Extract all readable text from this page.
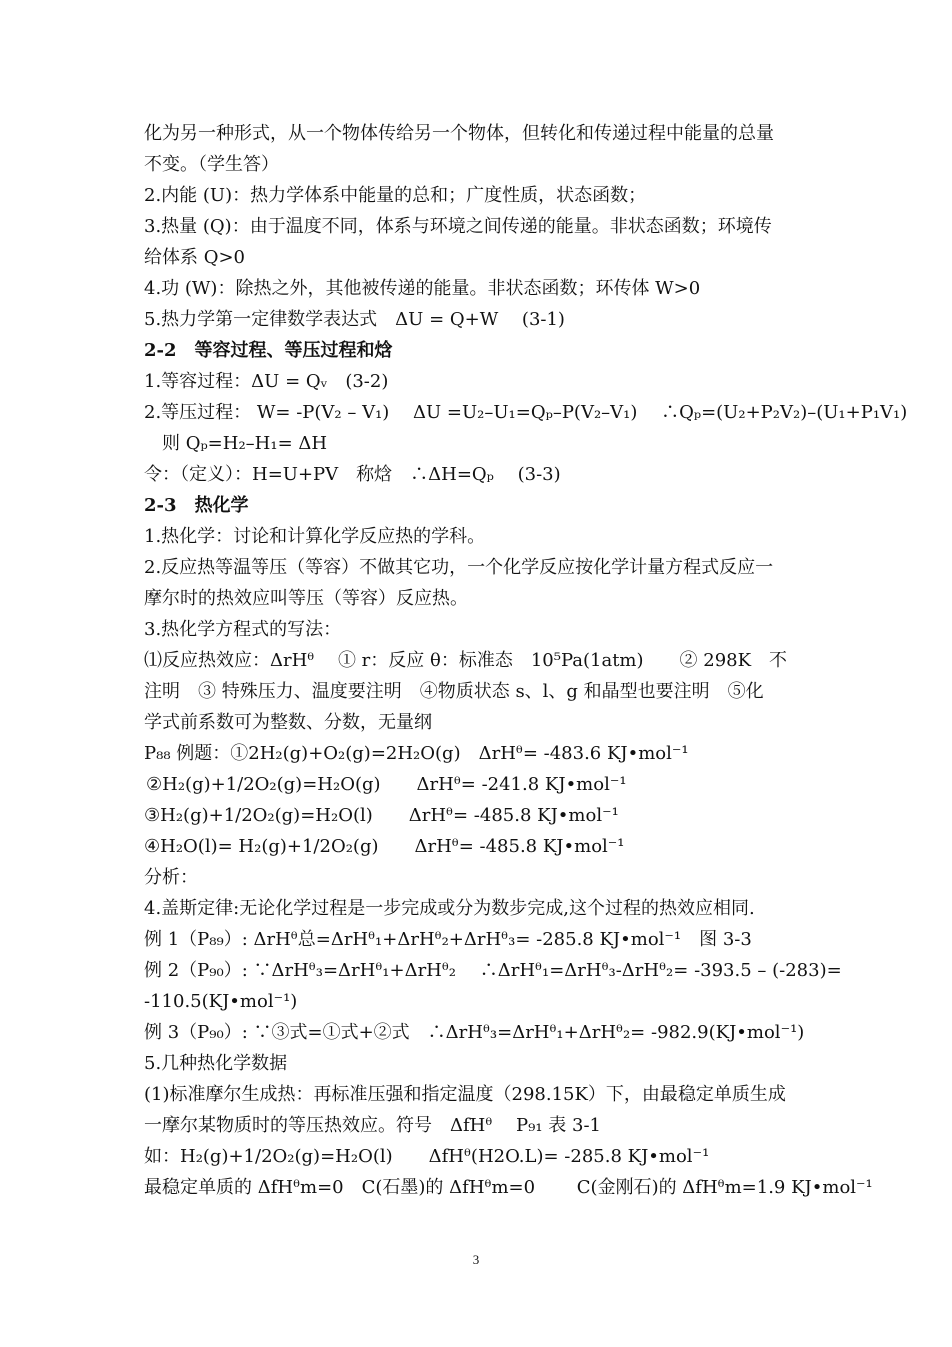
化为另一种形式，从一个物体传给另一个物体，但转化和传递过程中能量的总量
不变。（学生答）
2.内能 (U)：热力学体系中能量的总和；广度性质，状态函数；
3.热量 (Q)：由于温度不同，体系与环境之间传递的能量。非状态函数；环境传
给体系 Q>0
4.功 (W)：除热之外，其他被传递的能量。非状态函数；环传体 W>0
5.热力学第一定律数学表达式　ΔU = Q+W　 (3-1)
2-2　等容过程、等压过程和焓
1.等容过程：ΔU = Qᵥ　(3-2)
2.等压过程： W= -P(V₂ – V₁)　 ΔU =U₂–U₁=Qₚ–P(V₂–V₁)　 ∴Qₚ=(U₂+P₂V₂)–(U₁+P₁V₁)
则 Qₚ=H₂–H₁= ΔH
令：（定义）：H=U+PV　称焓　∴ΔH=Qₚ　 (3-3)
2-3　热化学
1.热化学：讨论和计算化学反应热的学科。
2.反应热等温等压（等容）不做其它功，一个化学反应按化学计量方程式反应一
摩尔时的热效应叫等压（等容）反应热。
3.热化学方程式的写法：
⑴反应热效应：ΔrHᶿ　 ① r：反应 θ：标准态　10⁵Pa(1atm)　　② 298K　不
注明　③ 特殊压力、温度要注明　④物质状态 s、l、g 和晶型也要注明　⑤化
学式前系数可为整数、分数，无量纲
P₈₈ 例题：①2H₂(g)+O₂(g)=2H₂O(g)　ΔrHᶿ= -483.6 KJ•mol⁻¹
②H₂(g)+1/2O₂(g)=H₂O(g)　　ΔrHᶿ= -241.8 KJ•mol⁻¹
③H₂(g)+1/2O₂(g)=H₂O(l)　　ΔrHᶿ= -485.8 KJ•mol⁻¹
④H₂O(l)= H₂(g)+1/2O₂(g)　　ΔrHᶿ= -485.8 KJ•mol⁻¹
分析：
4.盖斯定律:无论化学过程是一步完成或分为数步完成,这个过程的热效应相同.
例 1（P₈₉）: ΔrHᶿ总=ΔrHᶿ₁+ΔrHᶿ₂+ΔrHᶿ₃= -285.8 KJ•mol⁻¹　图 3-3
例 2（P₉₀）: ∵ΔrHᶿ₃=ΔrHᶿ₁+ΔrHᶿ₂　 ∴ΔrHᶿ₁=ΔrHᶿ₃-ΔrHᶿ₂= -393.5 – (-283)=
-110.5(KJ•mol⁻¹)
例 3（P₉₀）: ∵③式=①式+②式　∴ΔrHᶿ₃=ΔrHᶿ₁+ΔrHᶿ₂= -982.9(KJ•mol⁻¹)
5.几种热化学数据
(1)标准摩尔生成热：再标准压强和指定温度（298.15K）下，由最稳定单质生成
一摩尔某物质时的等压热效应。符号　ΔfHᶿ　 P₉₁ 表 3-1
如：H₂(g)+1/2O₂(g)=H₂O(l)　　ΔfHᶿ(H2O.L)= -285.8 KJ•mol⁻¹
最稳定单质的 ΔfHᶿm=0　C(石墨)的 ΔfHᶿm=0　　 C(金刚石)的 ΔfHᶿm=1.9 KJ•mol⁻¹
3
